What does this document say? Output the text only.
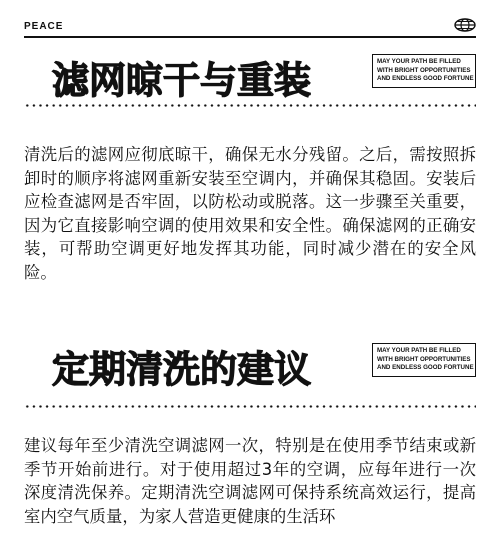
PEACE
滤网晾干与重装	MAY YOUR PATH BE FILLED
WITH BRIGHT OPPORTUNITIES
AND ENDLESS GOOD FORTUNE

清洗后的滤网应彻底晾干，确保无水分残留。之后，需按照拆卸时的顺序将滤网重新安装至空调内，并确保其稳固。安装后应检查滤网是否牢固，以防松动或脱落。这一步骤至关重要，因为它直接影响空调的使用效果和安全性。确保滤网的正确安装，可帮助空调更好地发挥其功能，同时减少潜在的安全风险。

定期清洗的建议	MAY YOUR PATH BE FILLED
WITH BRIGHT OPPORTUNITIES
AND ENDLESS GOOD FORTUNE

建议每年至少清洗空调滤网一次，特别是在使用季节结束或新季节开始前进行。对于使用超过3年的空调，应每年进行一次深度清洗保养。定期清洗空调滤网可保持系统高效运行，提高室内空气质量，为家人营造更健康的生活环
